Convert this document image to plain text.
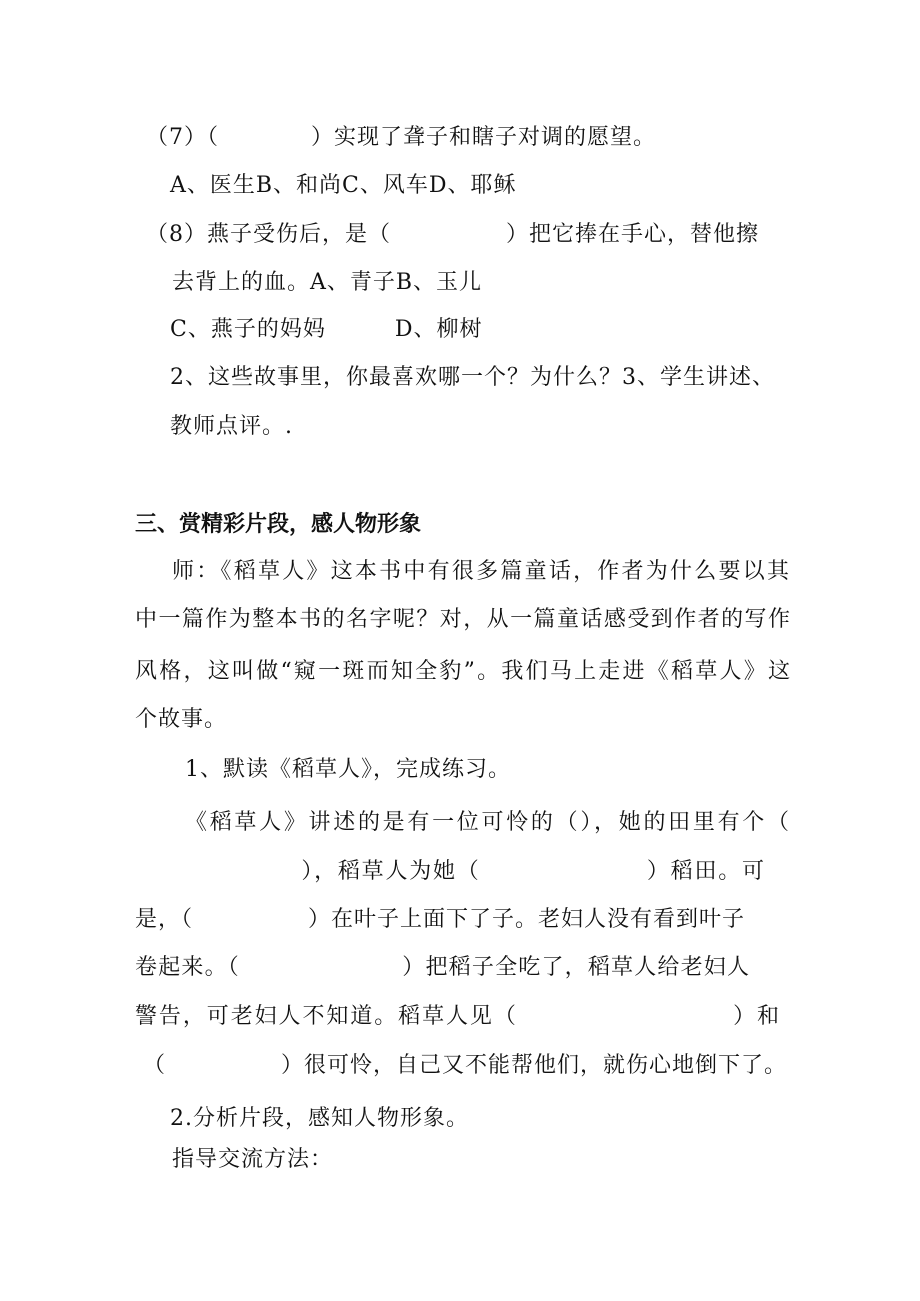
（7）（　　　　）实现了聋子和瞎子对调的愿望。
A、医生B、和尚C、风车D、耶稣
（8）燕子受伤后，是（　　　　　）把它捧在手心，替他擦
去背上的血。A、青子B、玉儿
C、燕子的妈妈　　　D、柳树
2、这些故事里，你最喜欢哪一个？为什么？3、学生讲述、
教师点评。.
三、赏精彩片段，感人物形象
师：《稻草人》这本书中有很多篇童话，作者为什么要以其
中一篇作为整本书的名字呢？对，从一篇童话感受到作者的写作
风格，这叫做“窥一斑而知全豹”。我们马上走进《稻草人》这
个故事。
1、默读《稻草人》，完成练习。
《稻草人》讲述的是有一位可怜的（），她的田里有个（
　　　　　　　），稻草人为她（　　　　　　　）稻田。可
是，（　　　　　）在叶子上面下了子。老妇人没有看到叶子
卷起来。（　　　　　　　）把稻子全吃了，稻草人给老妇人
警告，可老妇人不知道。稻草人见（　　　　　　　　　）和
（　　　　　）很可怜，自己又不能帮他们，就伤心地倒下了。
2.分析片段，感知人物形象。
指导交流方法：
